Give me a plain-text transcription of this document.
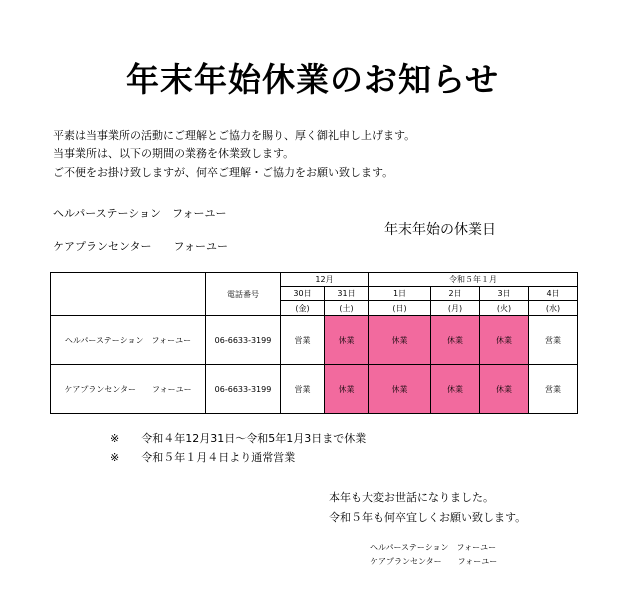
年末年始休業のお知らせ
平素は当事業所の活動にご理解とご協力を賜り、厚く御礼申し上げます。
当事業所は、以下の期間の業務を休業致します。
ご不便をお掛け致しますが、何卒ご理解・ご協力をお願い致します。
ヘルパーステーション　フォーユー
ケアプランセンター　　フォーユー
年末年始の休業日
	電話番号	12月		令和５年１月			
		30日	31日	1日	2日	3日	4日
		(金)	(土)	(日)	(月)	(火)	(水)
ヘルパーステーション　フォーユー	06-6633-3199	営業	休業	休業	休業	休業	営業
ケアプランセンター　　フォーユー	06-6633-3199	営業	休業	休業	休業	休業	営業
※　　令和４年12月31日～令和5年1月3日まで休業
※　　令和５年１月４日より通常営業
本年も大変お世話になりました。
令和５年も何卒宜しくお願い致します。
ヘルパーステーション　フォーユー
ケアプランセンター　　フォーユー
